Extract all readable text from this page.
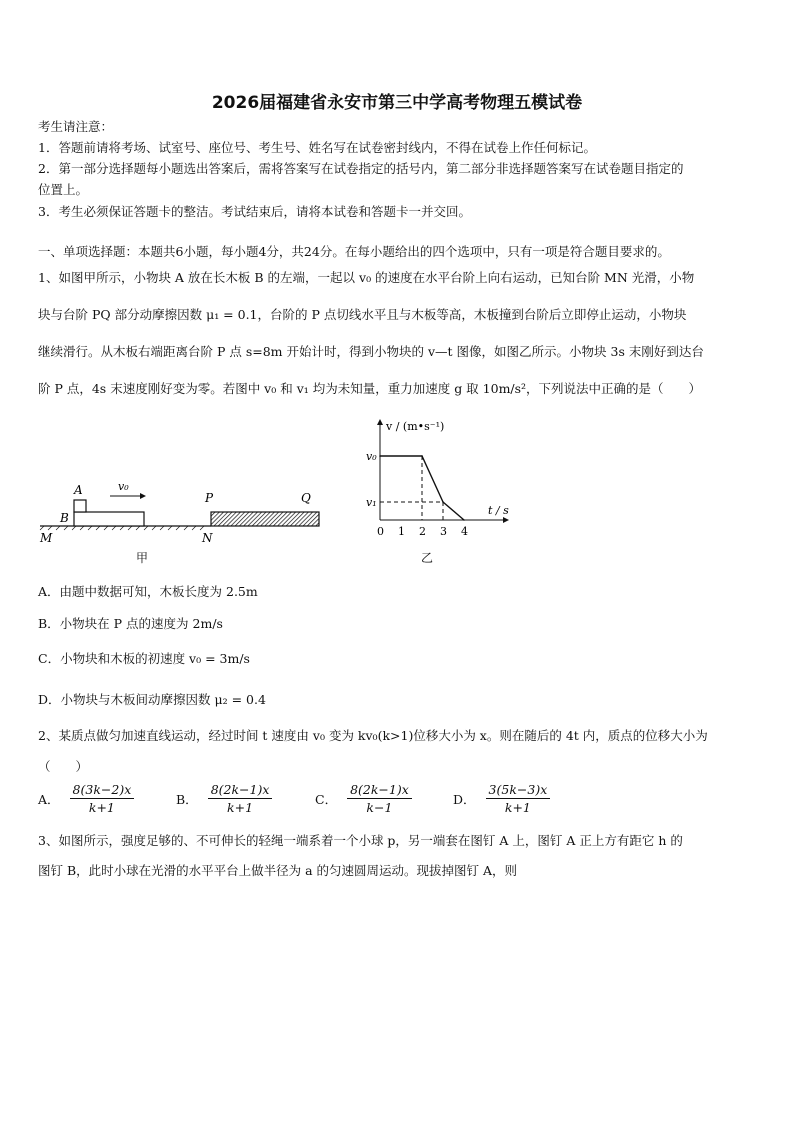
2026届福建省永安市第三中学高考物理五模试卷
考生请注意：
1．答题前请将考场、试室号、座位号、考生号、姓名写在试卷密封线内，不得在试卷上作任何标记。
2．第一部分选择题每小题选出答案后，需将答案写在试卷指定的括号内，第二部分非选择题答案写在试卷题目指定的
位置上。
3．考生必须保证答题卡的整洁。考试结束后，请将本试卷和答题卡一并交回。
一、单项选择题：本题共6小题，每小题4分，共24分。在每小题给出的四个选项中，只有一项是符合题目要求的。
1、如图甲所示，小物块 A 放在长木板 B 的左端，一起以 v₀ 的速度在水平台阶上向右运动，已知台阶 MN 光滑，小物
块与台阶 PQ 部分动摩擦因数 μ₁ = 0.1，台阶的 P 点切线水平且与木板等高，木板撞到台阶后立即停止运动，小物块
继续滑行。从木板右端距离台阶 P 点 s=8m 开始计时，得到小物块的 v—t 图像，如图乙所示。小物块 3s 末刚好到达台
阶 P 点，4s 末速度刚好变为零。若图中 v₀ 和 v₁ 均为未知量，重力加速度 g 取 10m/s²，下列说法中正确的是（　　）
A
B
v₀
P	Q
M	N
甲
v / (m•s⁻¹)
t / s
v₀
v₁
0 1 2 3 4
乙
A．由题中数据可知，木板长度为 2.5m
B．小物块在 P 点的速度为 2m/s
C．小物块和木板的初速度 v₀ = 3m/s
D．小物块与木板间动摩擦因数 μ₂ = 0.4
2、某质点做匀加速直线运动，经过时间 t 速度由 v₀ 变为 kv₀(k>1)位移大小为 x。则在随后的 4t 内，质点的位移大小为
（　　）
A． $\frac{8(3k-2)x}{k+1}$	B． $\frac{8(2k-1)x}{k+1}$	C． $\frac{8(2k-1)x}{k-1}$	D． $\frac{3(5k-3)x}{k+1}$
3、如图所示，强度足够的、不可伸长的轻绳一端系着一个小球 p，另一端套在图钉 A 上，图钉 A 正上方有距它 h 的
图钉 B，此时小球在光滑的水平平台上做半径为 a 的匀速圆周运动。现拔掉图钉 A，则
